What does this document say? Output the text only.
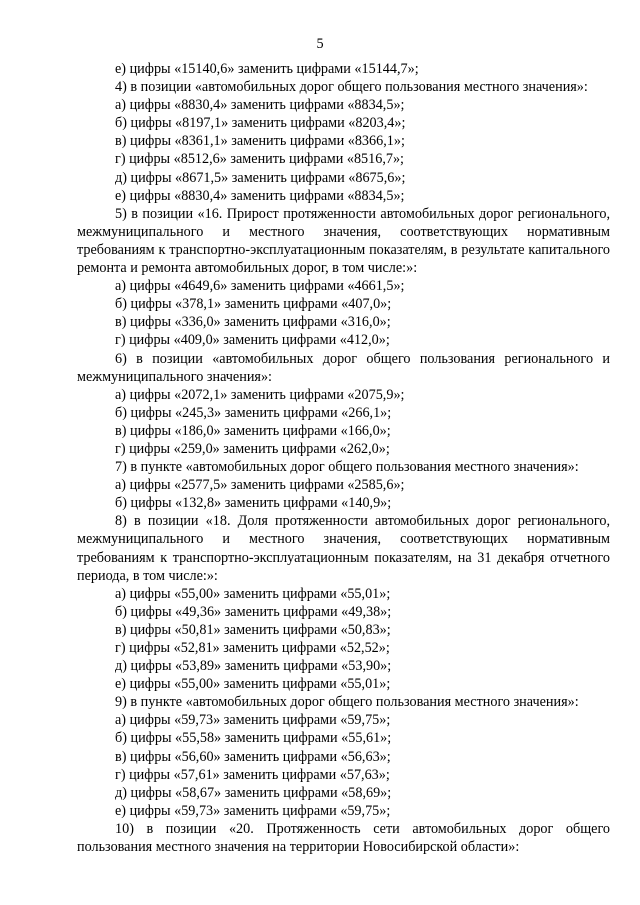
5

е) цифры «15140,6» заменить цифрами «15144,7»;

4) в позиции «автомобильных дорог общего пользования местного значения»:

а) цифры «8830,4» заменить цифрами «8834,5»;

б) цифры «8197,1» заменить цифрами «8203,4»;

в) цифры «8361,1» заменить цифрами «8366,1»;

г) цифры «8512,6» заменить цифрами «8516,7»;

д) цифры «8671,5» заменить цифрами «8675,6»;

е) цифры «8830,4» заменить цифрами «8834,5»;

5) в позиции «16. Прирост протяженности автомобильных дорог регионального, межмуниципального и местного значения, соответствующих нормативным требованиям к транспортно-эксплуатационным показателям, в результате капитального ремонта и ремонта автомобильных дорог, в том числе:»:

а) цифры «4649,6» заменить цифрами «4661,5»;

б) цифры «378,1» заменить цифрами «407,0»;

в) цифры «336,0» заменить цифрами «316,0»;

г) цифры «409,0» заменить цифрами «412,0»;

6) в позиции «автомобильных дорог общего пользования регионального и межмуниципального значения»:

а) цифры «2072,1» заменить цифрами «2075,9»;

б) цифры «245,3» заменить цифрами «266,1»;

в) цифры «186,0» заменить цифрами «166,0»;

г) цифры «259,0» заменить цифрами «262,0»;

7) в пункте «автомобильных дорог общего пользования местного значения»:

а) цифры «2577,5» заменить цифрами «2585,6»;

б) цифры «132,8» заменить цифрами «140,9»;

8) в позиции «18. Доля протяженности автомобильных дорог регионального, межмуниципального и местного значения, соответствующих нормативным требованиям к транспортно-эксплуатационным показателям, на 31 декабря отчетного периода, в том числе:»:

а) цифры «55,00» заменить цифрами «55,01»;

б) цифры «49,36» заменить цифрами «49,38»;

в) цифры «50,81» заменить цифрами «50,83»;

г) цифры «52,81» заменить цифрами «52,52»;

д) цифры «53,89» заменить цифрами «53,90»;

е) цифры «55,00» заменить цифрами «55,01»;

9) в пункте «автомобильных дорог общего пользования местного значения»:

а) цифры «59,73» заменить цифрами «59,75»;

б) цифры «55,58» заменить цифрами «55,61»;

в) цифры «56,60» заменить цифрами «56,63»;

г) цифры «57,61» заменить цифрами «57,63»;

д) цифры «58,67» заменить цифрами «58,69»;

е) цифры «59,73» заменить цифрами «59,75»;

10) в позиции «20. Протяженность сети автомобильных дорог общего пользования местного значения на территории Новосибирской области»:
